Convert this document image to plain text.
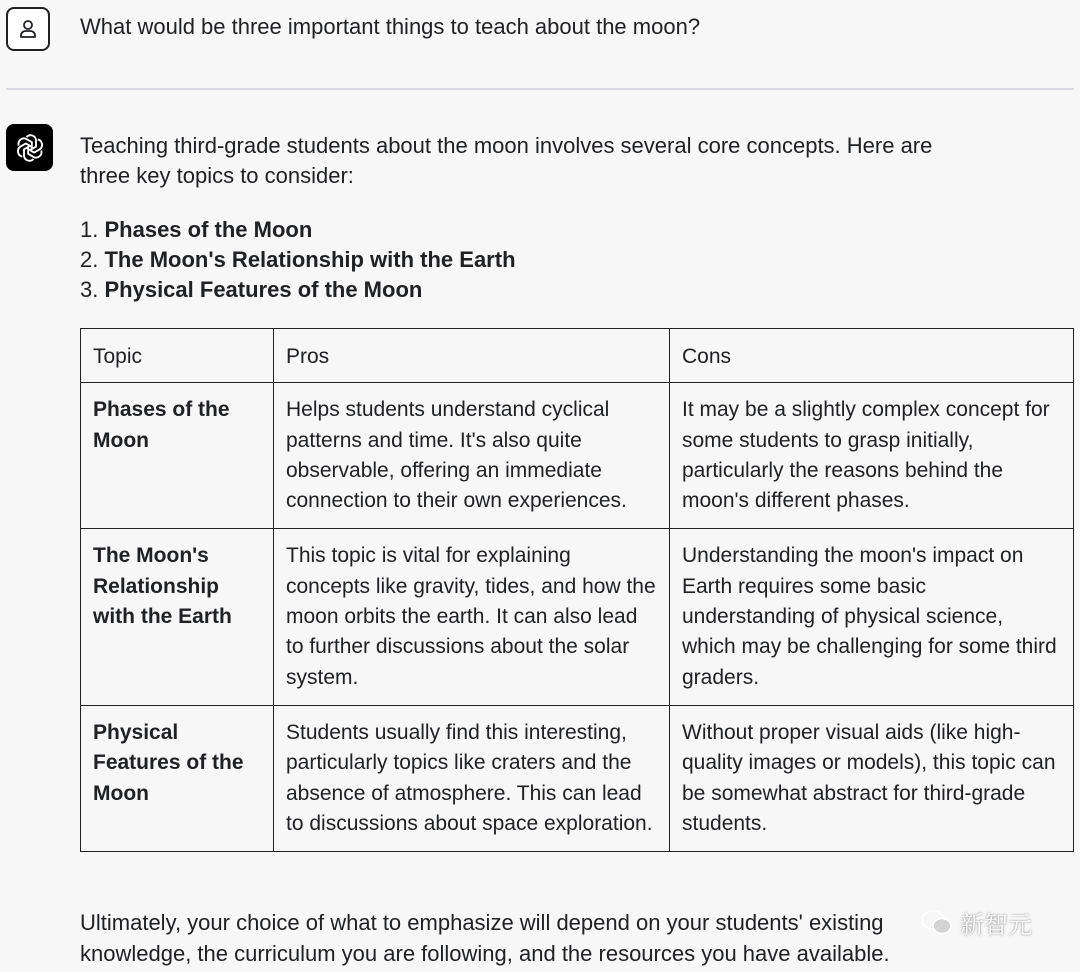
What would be three important things to teach about the moon?

Teaching third-grade students about the moon involves several core concepts. Here are three key topics to consider:

1. Phases of the Moon
2. The Moon's Relationship with the Earth
3. Physical Features of the Moon
Topic	Pros	Cons
Phases of the Moon	Helps students understand cyclical patterns and time. It's also quite observable, offering an immediate connection to their own experiences.	It may be a slightly complex concept for some students to grasp initially, particularly the reasons behind the moon's different phases.
The Moon's Relationship with the Earth	This topic is vital for explaining concepts like gravity, tides, and how the moon orbits the earth. It can also lead to further discussions about the solar system.	Understanding the moon's impact on Earth requires some basic understanding of physical science, which may be challenging for some third graders.
Physical Features of the Moon	Students usually find this interesting, particularly topics like craters and the absence of atmosphere. This can lead to discussions about space exploration.	Without proper visual aids (like high-quality images or models), this topic can be somewhat abstract for third-grade students.

Ultimately, your choice of what to emphasize will depend on your students' existing knowledge, the curriculum you are following, and the resources you have available.

新智元
